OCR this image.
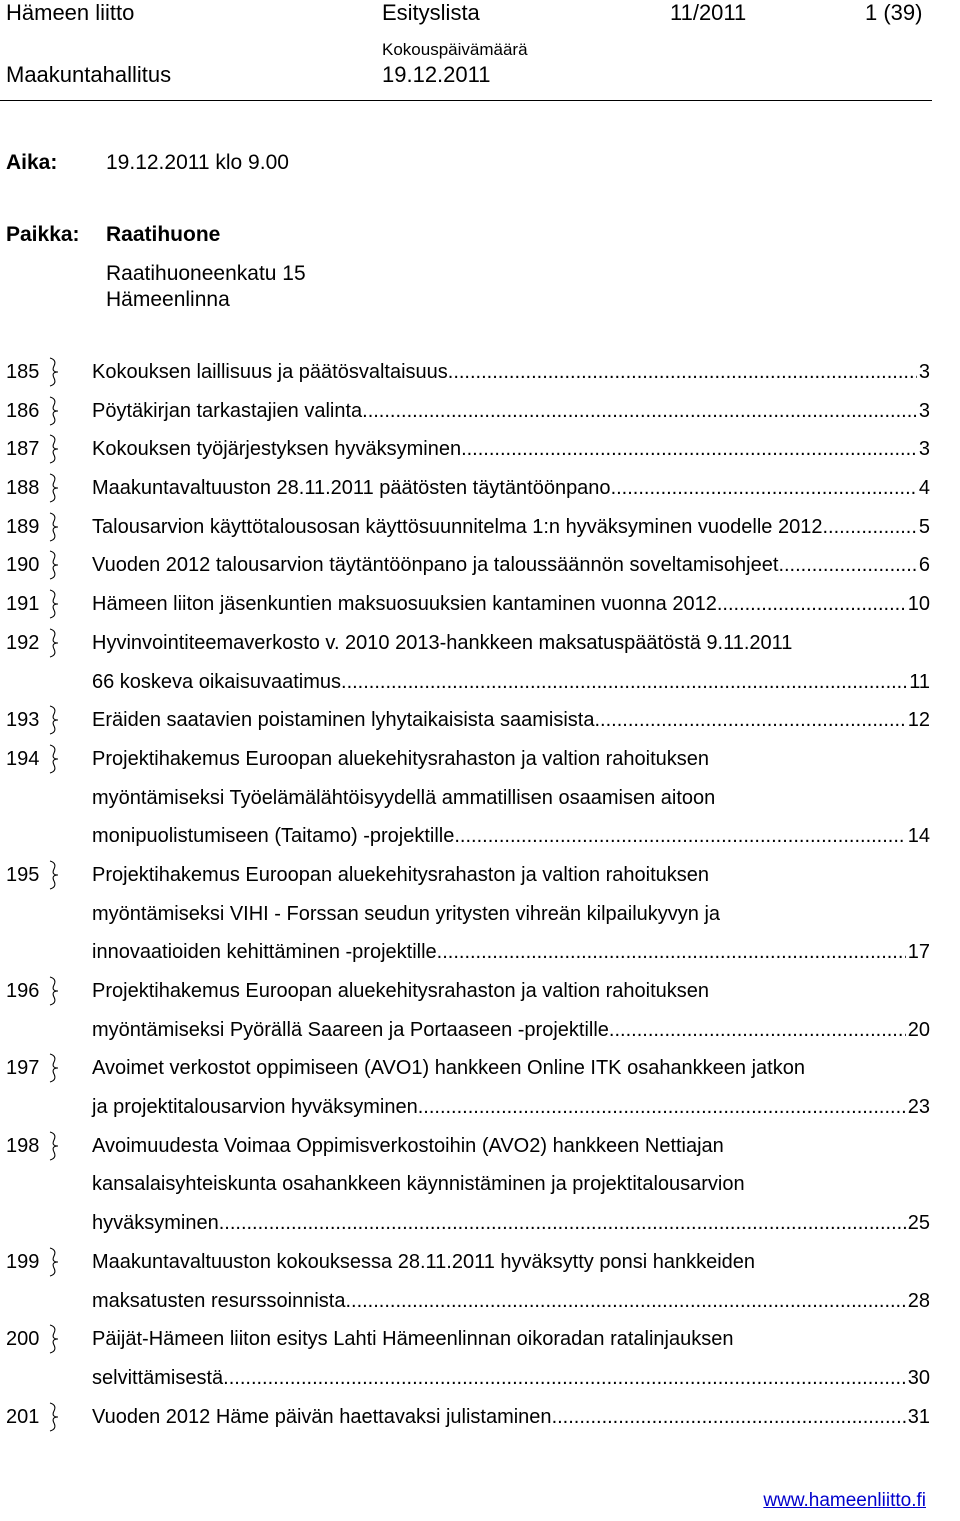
Hämeen liitto	Esityslista	11/2011	1 (39)
Maakuntahallitus
Kokouspäivämäärä
19.12.2011
Aika: 19.12.2011 klo 9.00
Paikka: Raatihuone
Raatihuoneenkatu 15
Hämeenlinna
185	Kokouksen laillisuus ja päätösvaltaisuus .....	3
186	Pöytäkirjan tarkastajien valinta .....	3
187	Kokouksen työjärjestyksen hyväksyminen .....	3
188	Maakuntavaltuuston 28.11.2011 päätösten täytäntöönpano .....	4
189	Talousarvion käyttötalousosan käyttösuunnitelma 1:n hyväksyminen vuodelle 2012 .....	5
190	Vuoden 2012 talousarvion täytäntöönpano ja taloussäännön soveltamisohjeet .....	6
191	Hämeen liiton jäsenkuntien maksuosuuksien kantaminen vuonna 2012 .....	10
192	Hyvinvointiteemaverkosto v. 2010 2013-hankkeen maksatuspäätöstä 9.11.2011
66 koskeva oikaisuvaatimus .....	11
193	Eräiden saatavien poistaminen lyhytaikaisista saamisista .....	12
194	Projektihakemus Euroopan aluekehitysrahaston ja valtion rahoituksen
myöntämiseksi Työelämälähtöisyydellä ammatillisen osaamisen aitoon
monipuolistumiseen (Taitamo) -projektille .....	14
195	Projektihakemus Euroopan aluekehitysrahaston ja valtion rahoituksen
myöntämiseksi VIHI - Forssan seudun yritysten vihreän kilpailukyvyn ja
innovaatioiden kehittäminen -projektille .....	17
196	Projektihakemus Euroopan aluekehitysrahaston ja valtion rahoituksen
myöntämiseksi Pyörällä Saareen ja Portaaseen -projektille .....	20
197	Avoimet verkostot oppimiseen (AVO1) hankkeen Online ITK osahankkeen jatkon
ja projektitalousarvion hyväksyminen .....	23
198	Avoimuudesta Voimaa Oppimisverkostoihin (AVO2) hankkeen Nettiajan
kansalaisyhteiskunta osahankkeen käynnistäminen ja projektitalousarvion
hyväksyminen .....	25
199	Maakuntavaltuuston kokouksessa 28.11.2011 hyväksytty ponsi hankkeiden
maksatusten resurssoinnista .....	28
200	Päijät-Hämeen liiton esitys Lahti Hämeenlinnan oikoradan ratalinjauksen
selvittämisestä .....	30
201	Vuoden 2012 Häme päivän haettavaksi julistaminen .....	31
www.hameenliitto.fi
